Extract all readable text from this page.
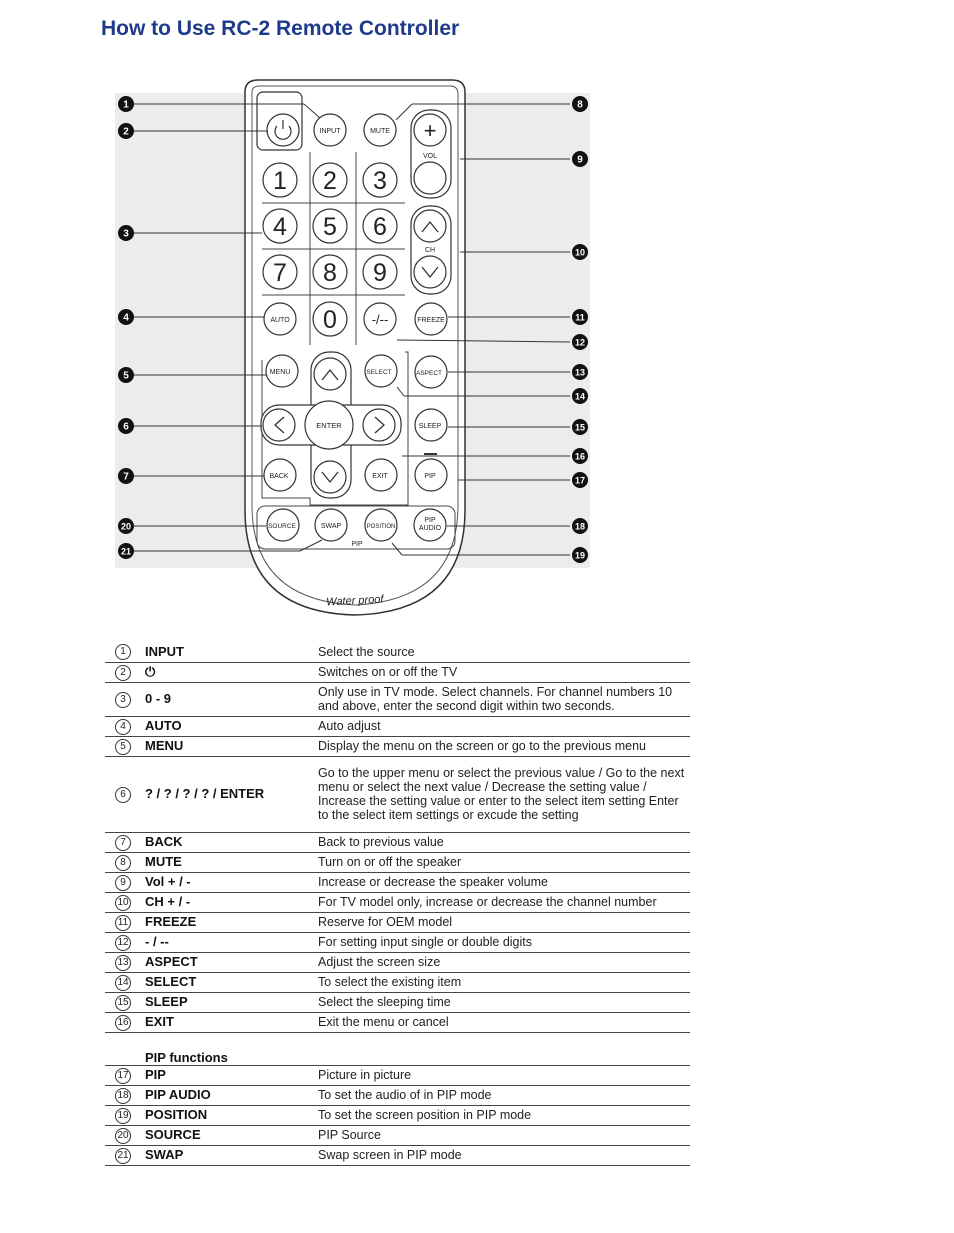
How to Use RC-2 Remote Controller
INPUT	MUTE +
VOL
CH
1 2 3
4 5 6
7 8 9
0
AUTO	-/--	FREEZE
MENU	SELECT	ASPECT
ENTER	SLEEP
BACK	EXIT	PIP
SOURCE	SWAP	POSITION
PIP
AUDIO
PIP
Water proof
1
2
3
4
5
6
7
8
9
10
11
12
13
14
15
16
17
18
19
20
21
1	INPUT	Select the source
2	⏻	Switches on or off the TV
3	0 - 9	Only use in TV mode. Select channels. For channel numbers 10 and above, enter the second digit within two seconds.
4	AUTO	Auto adjust
5	MENU	Display the menu on the screen or go to the previous menu
6	? / ? / ? / ? / ENTER	Go to the upper menu or select the previous value / Go to the next menu or select the next value / Decrease the setting value / Increase the setting value or enter to the select item setting Enter to the select item settings or excude the setting
7	BACK	Back to previous value
8	MUTE	Turn on or off the speaker
9	Vol + / -	Increase or decrease the speaker volume
10	CH + / -	For TV model only, increase or decrease the channel number
11	FREEZE	Reserve for OEM model
12	- / --	For setting input single or double digits
13	ASPECT	Adjust the screen size
14	SELECT	To select the existing item
15	SLEEP	Select the sleeping time
16	EXIT	Exit the menu or cancel

	PIP functions	
17	PIP	Picture in picture
18	PIP AUDIO	To set the audio of in PIP mode
19	POSITION	To set the screen position in PIP mode
20	SOURCE	PIP Source
21	SWAP	Swap screen in PIP mode
